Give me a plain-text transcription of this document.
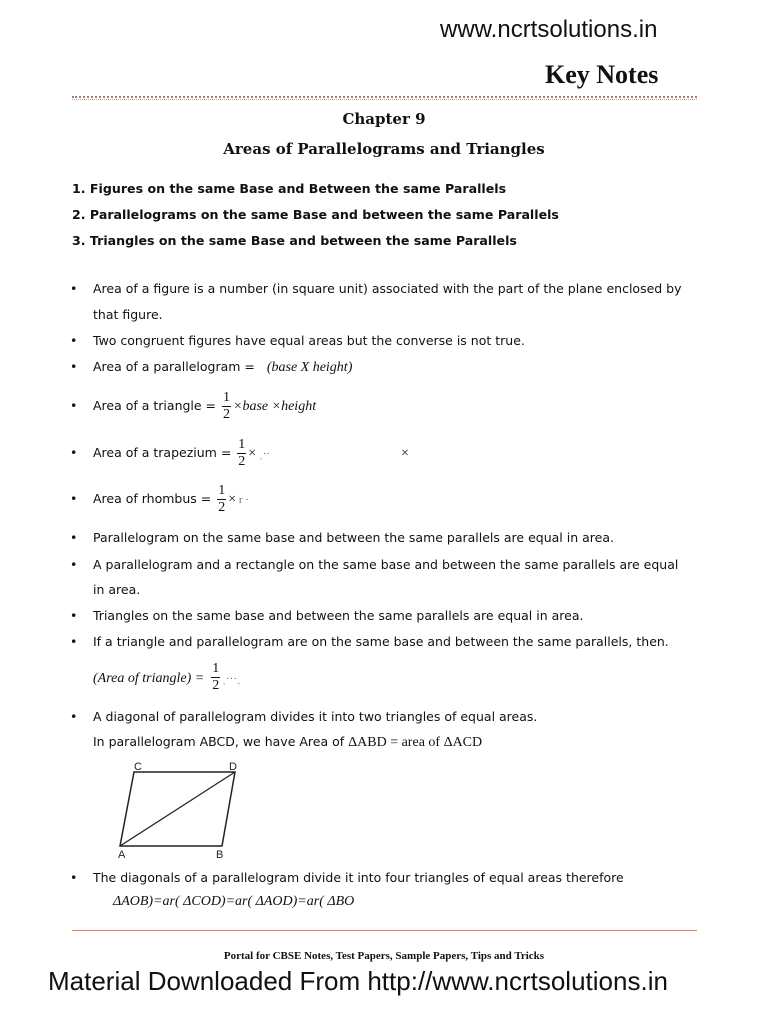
www.ncrtsolutions.in
Key Notes
Chapter 9
Areas of Parallelograms and Triangles
1. Figures on the same Base and Between the same Parallels
2. Parallelograms on the same Base and between the same Parallels
3. Triangles on the same Base and between the same Parallels
• Area of a figure is a number (in square unit) associated with the part of the plane enclosed by
that figure.
• Two congruent figures have equal areas but the converse is not true.
• Area of a parallelogram = (base X height)
• Area of a triangle = $\frac{1}{2}$ ×base ×height
• Area of a trapezium = $\frac{1}{2}$ × ˌ··	×
• Area of rhombus = $\frac{1}{2} \times r$ ·
• Parallelogram on the same base and between the same parallels are equal in area.
• A parallelogram and a rectangle on the same base and between the same parallels are equal
in area.
• Triangles on the same base and between the same parallels are equal in area.
• If a triangle and parallelogram are on the same base and between the same parallels, then.
(Area of triangle) = $\frac{1}{2}$ ˌ···ˎ
• A diagonal of parallelogram divides it into two triangles of equal areas.
In parallelogram ABCD, we have Area of ΔABD = area of ΔACD
C	D
A	B
• The diagonals of a parallelogram divide it into four triangles of equal areas therefore
ΔAOB)=ar( ΔCOD)=ar( ΔAOD)=ar( ΔBO
Portal for CBSE Notes, Test Papers, Sample Papers, Tips and Tricks
Material Downloaded From http://www.ncrtsolutions.in
